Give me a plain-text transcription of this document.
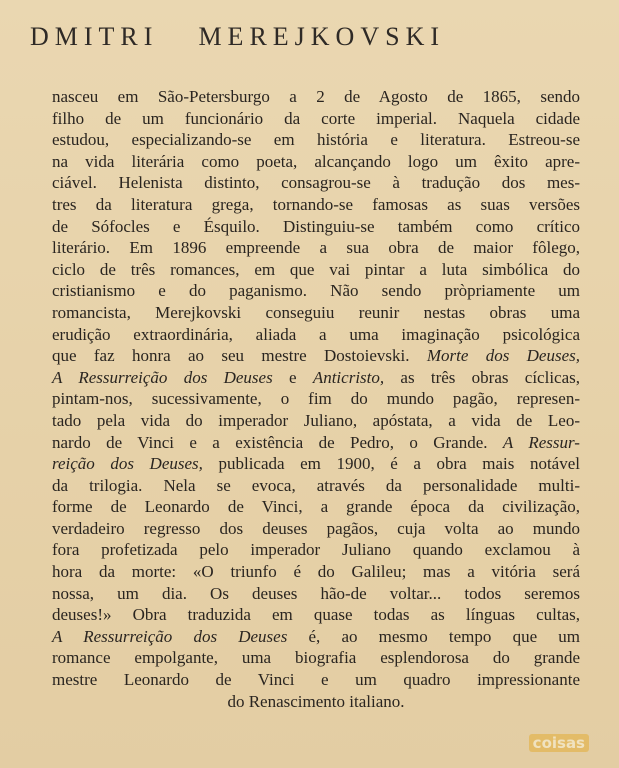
DMITRI MEREJKOVSKI
nasceu em São-Petersburgo a 2 de Agosto de 1865, sendo
filho de um funcionário da corte imperial. Naquela cidade
estudou, especializando-se em história e literatura. Estreou-se
na vida literária como poeta, alcançando logo um êxito apre-
ciável. Helenista distinto, consagrou-se à tradução dos mes-
tres da literatura grega, tornando-se famosas as suas versões
de Sófocles e Ésquilo. Distinguiu-se também como crítico
literário. Em 1896 empreende a sua obra de maior fôlego,
ciclo de três romances, em que vai pintar a luta simbólica do
cristianismo e do paganismo. Não sendo pròpriamente um
romancista, Merejkovski conseguiu reunir nestas obras uma
erudição extraordinária, aliada a uma imaginação psicológica
que faz honra ao seu mestre Dostoievski. Morte dos Deuses,
A Ressurreição dos Deuses e Anticristo, as três obras cíclicas,
pintam-nos, sucessivamente, o fim do mundo pagão, represen-
tado pela vida do imperador Juliano, apóstata, a vida de Leo-
nardo de Vinci e a existência de Pedro, o Grande. A Ressur-
reição dos Deuses, publicada em 1900, é a obra mais notável
da trilogia. Nela se evoca, através da personalidade multi-
forme de Leonardo de Vinci, a grande época da civilização,
verdadeiro regresso dos deuses pagãos, cuja volta ao mundo
fora profetizada pelo imperador Juliano quando exclamou à
hora da morte: «O triunfo é do Galileu; mas a vitória será
nossa, um dia. Os deuses hão-de voltar... todos seremos
deuses!» Obra traduzida em quase todas as línguas cultas,
A Ressurreição dos Deuses é, ao mesmo tempo que um
romance empolgante, uma biografia esplendorosa do grande
mestre Leonardo de Vinci e um quadro impressionante
do Renascimento italiano.
coisas
